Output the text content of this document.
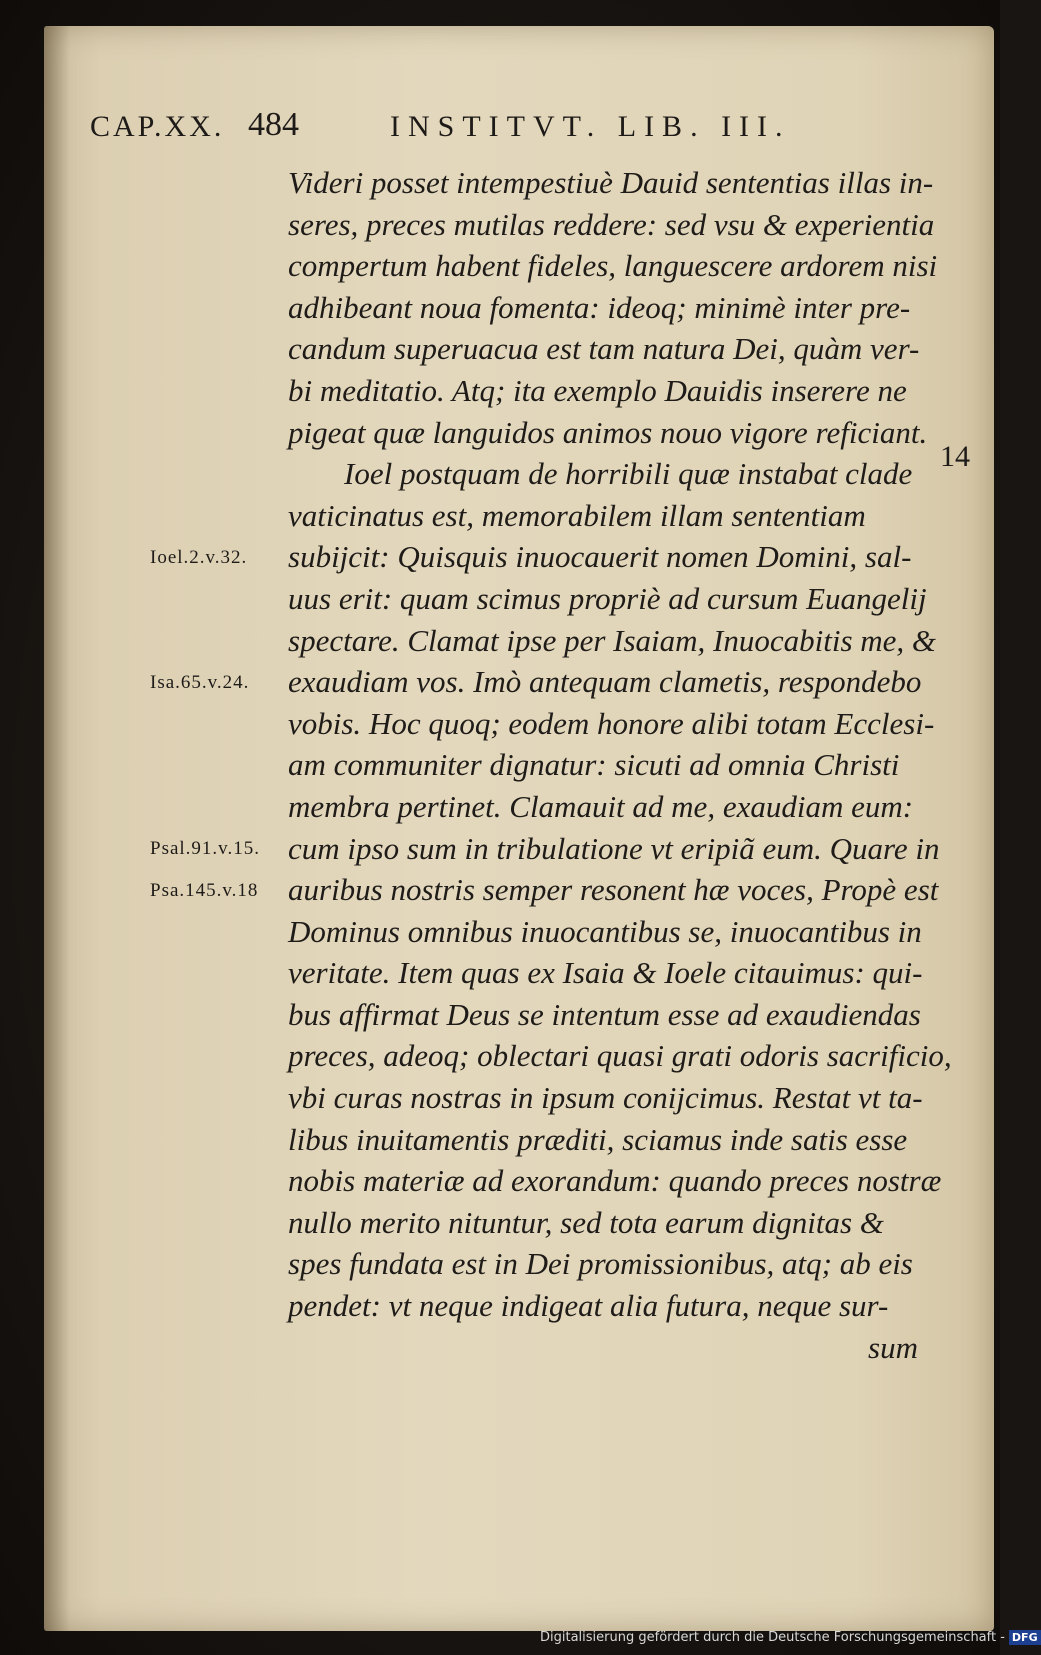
CAP.XX. 484	INSTITVT. LIB. III.
14
Ioel.2.v.32.
Isa.65.v.24.
Psal.91.v.15.
Psa.145.v.18
Videri posset intempestiuè Dauid sententias illas in-
seres, preces mutilas reddere: sed vsu & experientia
compertum habent fideles, languescere ardorem nisi
adhibeant noua fomenta: ideoq; minimè inter pre-
candum superuacua est tam natura Dei, quàm ver-
bi meditatio. Atq; ita exemplo Dauidis inserere ne
pigeat quæ languidos animos nouo vigore reficiant.
Ioel postquam de horribili quæ instabat clade
vaticinatus est, memorabilem illam sententiam
subijcit: Quisquis inuocauerit nomen Domini, sal-
uus erit: quam scimus propriè ad cursum Euangelij
spectare. Clamat ipse per Isaiam, Inuocabitis me, &
exaudiam vos. Imò antequam clametis, respondebo
vobis. Hoc quoq; eodem honore alibi totam Ecclesi-
am communiter dignatur: sicuti ad omnia Christi
membra pertinet. Clamauit ad me, exaudiam eum:
cum ipso sum in tribulatione vt eripiã eum. Quare in
auribus nostris semper resonent hæ voces, Propè est
Dominus omnibus inuocantibus se, inuocantibus in
veritate. Item quas ex Isaia & Ioele citauimus: qui-
bus affirmat Deus se intentum esse ad exaudiendas
preces, adeoq; oblectari quasi grati odoris sacrificio,
vbi curas nostras in ipsum conijcimus. Restat vt ta-
libus inuitamentis præditi, sciamus inde satis esse
nobis materiæ ad exorandum: quando preces nostræ
nullo merito nituntur, sed tota earum dignitas &
spes fundata est in Dei promissionibus, atq; ab eis
pendet: vt neque indigeat alia futura, neque sur-
sum
Digitalisierung gefördert durch die Deutsche Forschungsgemeinschaft - DFG
